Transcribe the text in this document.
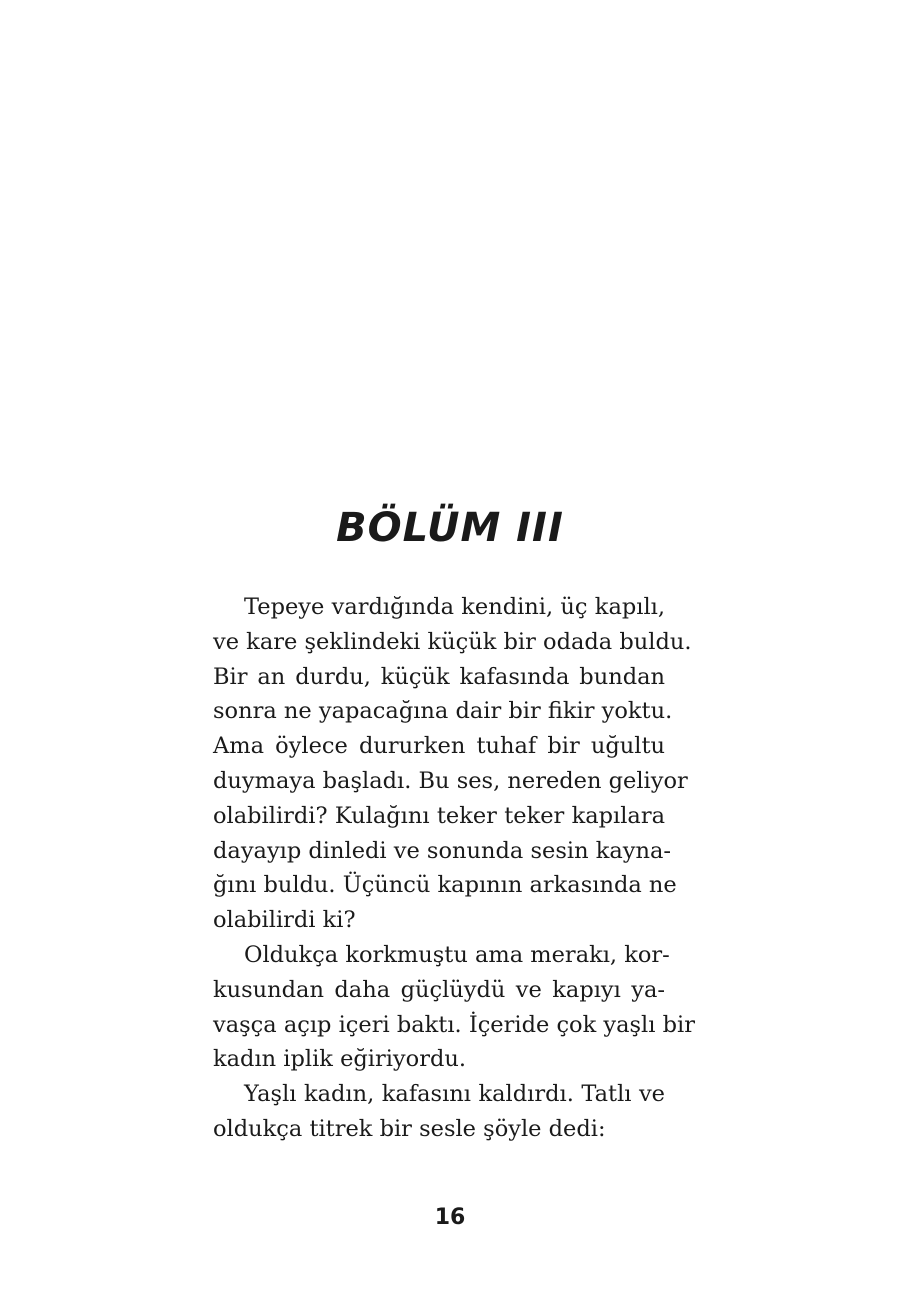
BÖLÜM III
Tepeye vardığında kendini, üç kapılı,
ve kare şeklindeki küçük bir odada buldu.
Bir an durdu, küçük kafasında bundan
sonra ne yapacağına dair bir fikir yoktu.
Ama öylece dururken tuhaf bir uğultu
duymaya başladı. Bu ses, nereden geliyor
olabilirdi? Kulağını teker teker kapılara
dayayıp dinledi ve sonunda sesin kayna-
ğını buldu. Üçüncü kapının arkasında ne
olabilirdi ki?
Oldukça korkmuştu ama merakı, kor-
kusundan daha güçlüydü ve kapıyı ya-
vaşça açıp içeri baktı. İçeride çok yaşlı bir
kadın iplik eğiriyordu.
Yaşlı kadın, kafasını kaldırdı. Tatlı ve
oldukça titrek bir sesle şöyle dedi:
16
